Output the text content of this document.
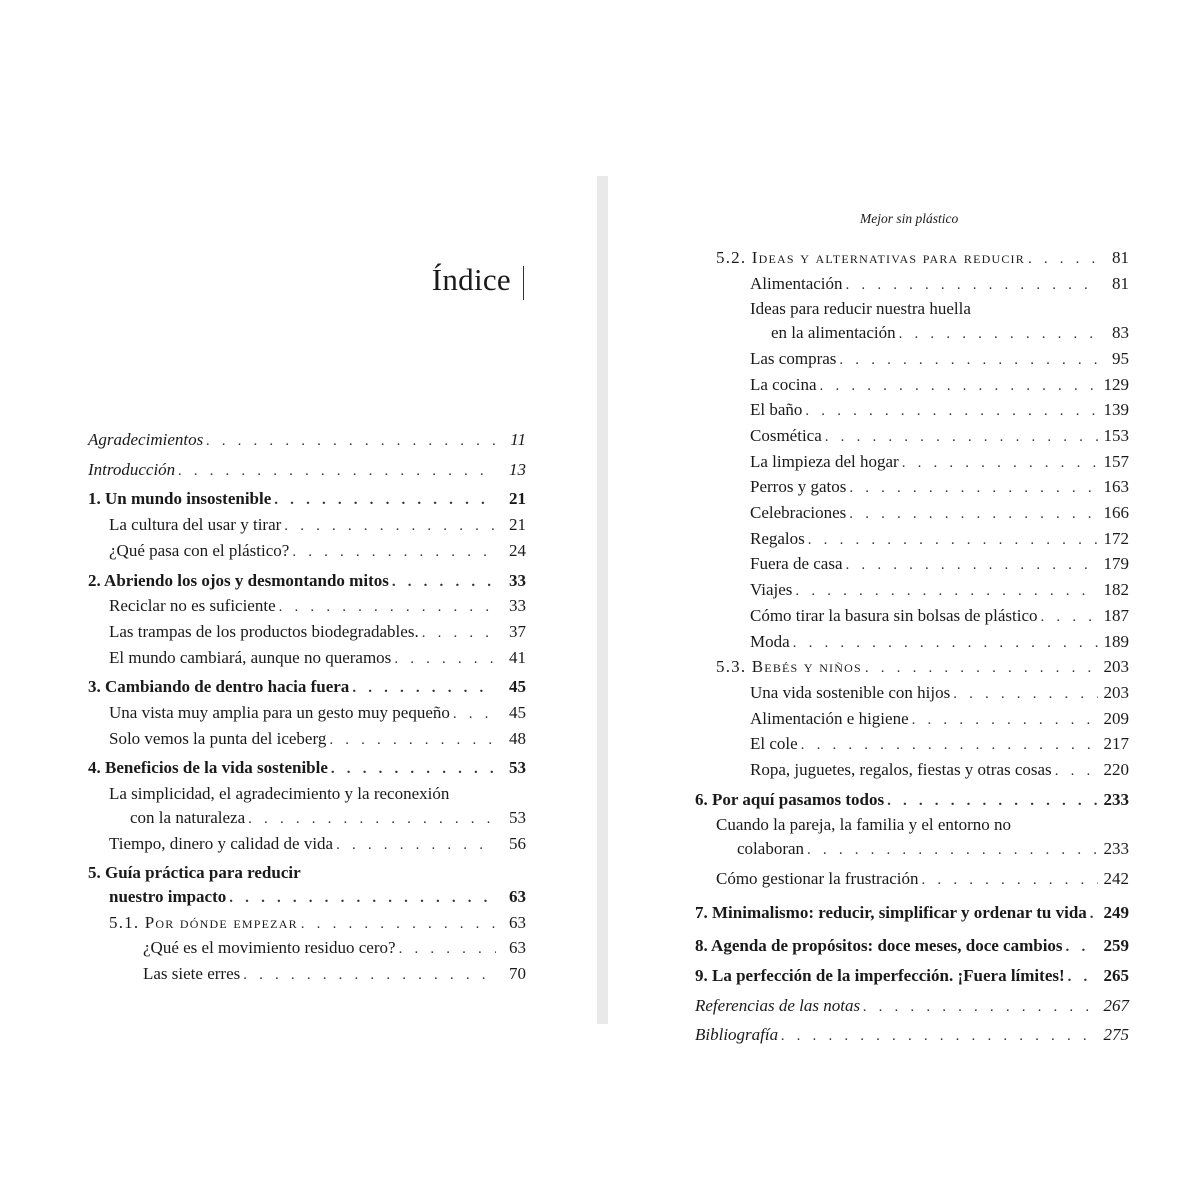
Índice
Agradecimientos . . .	11
Introducción . . .	13
1. Un mundo insostenible . . .	21
La cultura del usar y tirar . . .	21
¿Qué pasa con el plástico? . . .	24
2. Abriendo los ojos y desmontando mitos . . .	33
Reciclar no es suficiente . . .	33
Las trampas de los productos biodegradables. . . .	37
El mundo cambiará, aunque no queramos . . .	41
3. Cambiando de dentro hacia fuera . . .	45
Una vista muy amplia para un gesto muy pequeño . . .	45
Solo vemos la punta del iceberg . . .	48
4. Beneficios de la vida sostenible . . .	53
La simplicidad, el agradecimiento y la reconexión
con la naturaleza . . .	53
Tiempo, dinero y calidad de vida . . .	56
5. Guía práctica para reducir
nuestro impacto . . .	63
5.1. Por dónde empezar . . .	63
¿Qué es el movimiento residuo cero? . . .	63
Las siete erres . . .	70
Mejor sin plástico
5.2. Ideas y alternativas para reducir . . .	81
Alimentación . . .	81
Ideas para reducir nuestra huella
en la alimentación . . .	83
Las compras . . .	95
La cocina . . .	129
El baño . . .	139
Cosmética . . .	153
La limpieza del hogar . . .	157
Perros y gatos . . .	163
Celebraciones . . .	166
Regalos . . .	172
Fuera de casa . . .	179
Viajes . . .	182
Cómo tirar la basura sin bolsas de plástico . . .	187
Moda . . .	189
5.3. Bebés y niños . . .	203
Una vida sostenible con hijos . . .	203
Alimentación e higiene . . .	209
El cole . . .	217
Ropa, juguetes, regalos, fiestas y otras cosas . . .	220
6. Por aquí pasamos todos . . .	233
Cuando la pareja, la familia y el entorno no
colaboran . . .	233
Cómo gestionar la frustración . . .	242
7. Minimalismo: reducir, simplificar y ordenar tu vida . . . 249
8. Agenda de propósitos: doce meses, doce cambios . . . 259
9. La perfección de la imperfección. ¡Fuera límites! . . . 265
Referencias de las notas . . .	267
Bibliografía . . .	275
